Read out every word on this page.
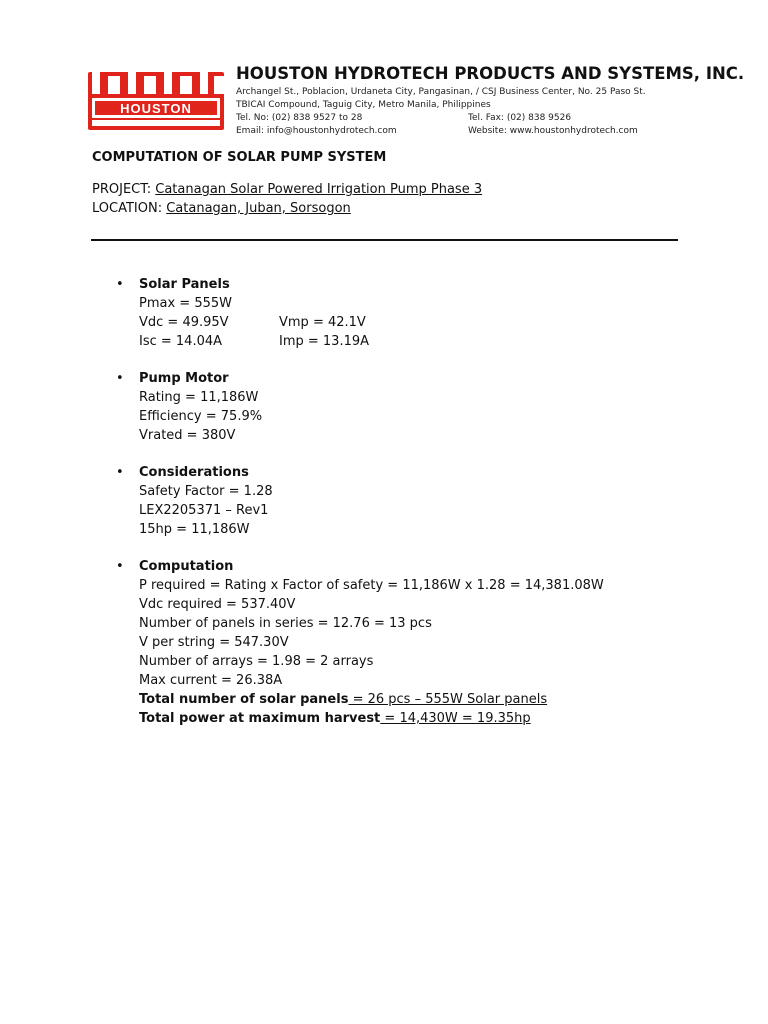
HOUSTON
HOUSTON HYDROTECH PRODUCTS AND SYSTEMS, INC.
Archangel St., Poblacion, Urdaneta City, Pangasinan, / CSJ Business Center, No. 25 Paso St.
TBICAI Compound, Taguig City, Metro Manila, Philippines
Tel. No: (02) 838 9527 to 28
Email: info@houstonhydrotech.com
Tel. Fax: (02) 838 9526
Website: www.houstonhydrotech.com
COMPUTATION OF SOLAR PUMP SYSTEM
PROJECT: Catanagan Solar Powered Irrigation Pump Phase 3
LOCATION: Catanagan, Juban, Sorsogon
• Solar Panels
Pmax = 555W
Vdc = 49.95V	Vmp = 42.1V
Isc = 14.04A	Imp = 13.19A
• Pump Motor
Rating = 11,186W
Efficiency = 75.9%
Vrated = 380V
• Considerations
Safety Factor = 1.28
LEX2205371 – Rev1
15hp = 11,186W
• Computation
P required = Rating x Factor of safety = 11,186W x 1.28 = 14,381.08W
Vdc required = 537.40V
Number of panels in series = 12.76 = 13 pcs
V per string = 547.30V
Number of arrays = 1.98 = 2 arrays
Max current = 26.38A
Total number of solar panels = 26 pcs – 555W Solar panels
Total power at maximum harvest = 14,430W = 19.35hp
